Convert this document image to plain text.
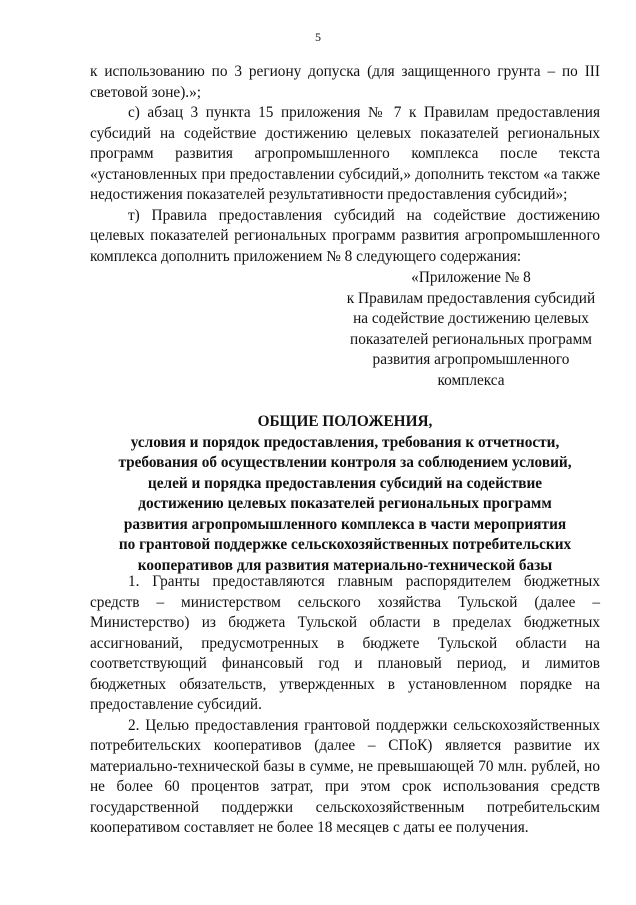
5

к использованию по 3 региону допуска (для защищенного грунта – по III световой зоне).»;

с) абзац 3 пункта 15 приложения № 7 к Правилам предоставления субсидий на содействие достижению целевых показателей региональных программ развития агропромышленного комплекса после текста «установленных при предоставлении субсидий,» дополнить текстом «а также недостижения показателей результативности предоставления субсидий»;

т) Правила предоставления субсидий на содействие достижению целевых показателей региональных программ развития агропромышленного комплекса дополнить приложением № 8 следующего содержания:

«Приложение № 8
к Правилам предоставления субсидий
на содействие достижению целевых
показателей региональных программ
развития агропромышленного
комплекса
ОБЩИЕ ПОЛОЖЕНИЯ,
условия и порядок предоставления, требования к отчетности,
требования об осуществлении контроля за соблюдением условий,
целей и порядка предоставления субсидий на содействие
достижению целевых показателей региональных программ
развития агропромышленного комплекса в части мероприятия
по грантовой поддержке сельскохозяйственных потребительских
кооперативов для развития материально-технической базы

1. Гранты предоставляются главным распорядителем бюджетных средств – министерством сельского хозяйства Тульской (далее – Министерство) из бюджета Тульской области в пределах бюджетных ассигнований, предусмотренных в бюджете Тульской области на соответствующий финансовый год и плановый период, и лимитов бюджетных обязательств, утвержденных в установленном порядке на предоставление субсидий.

2. Целью предоставления грантовой поддержки сельскохозяйственных потребительских кооперативов (далее – СПоК) является развитие их материально-технической базы в сумме, не превышающей 70 млн. рублей, но не более 60 процентов затрат, при этом срок использования средств государственной поддержки сельскохозяйственным потребительским кооперативом составляет не более 18 месяцев с даты ее получения.
